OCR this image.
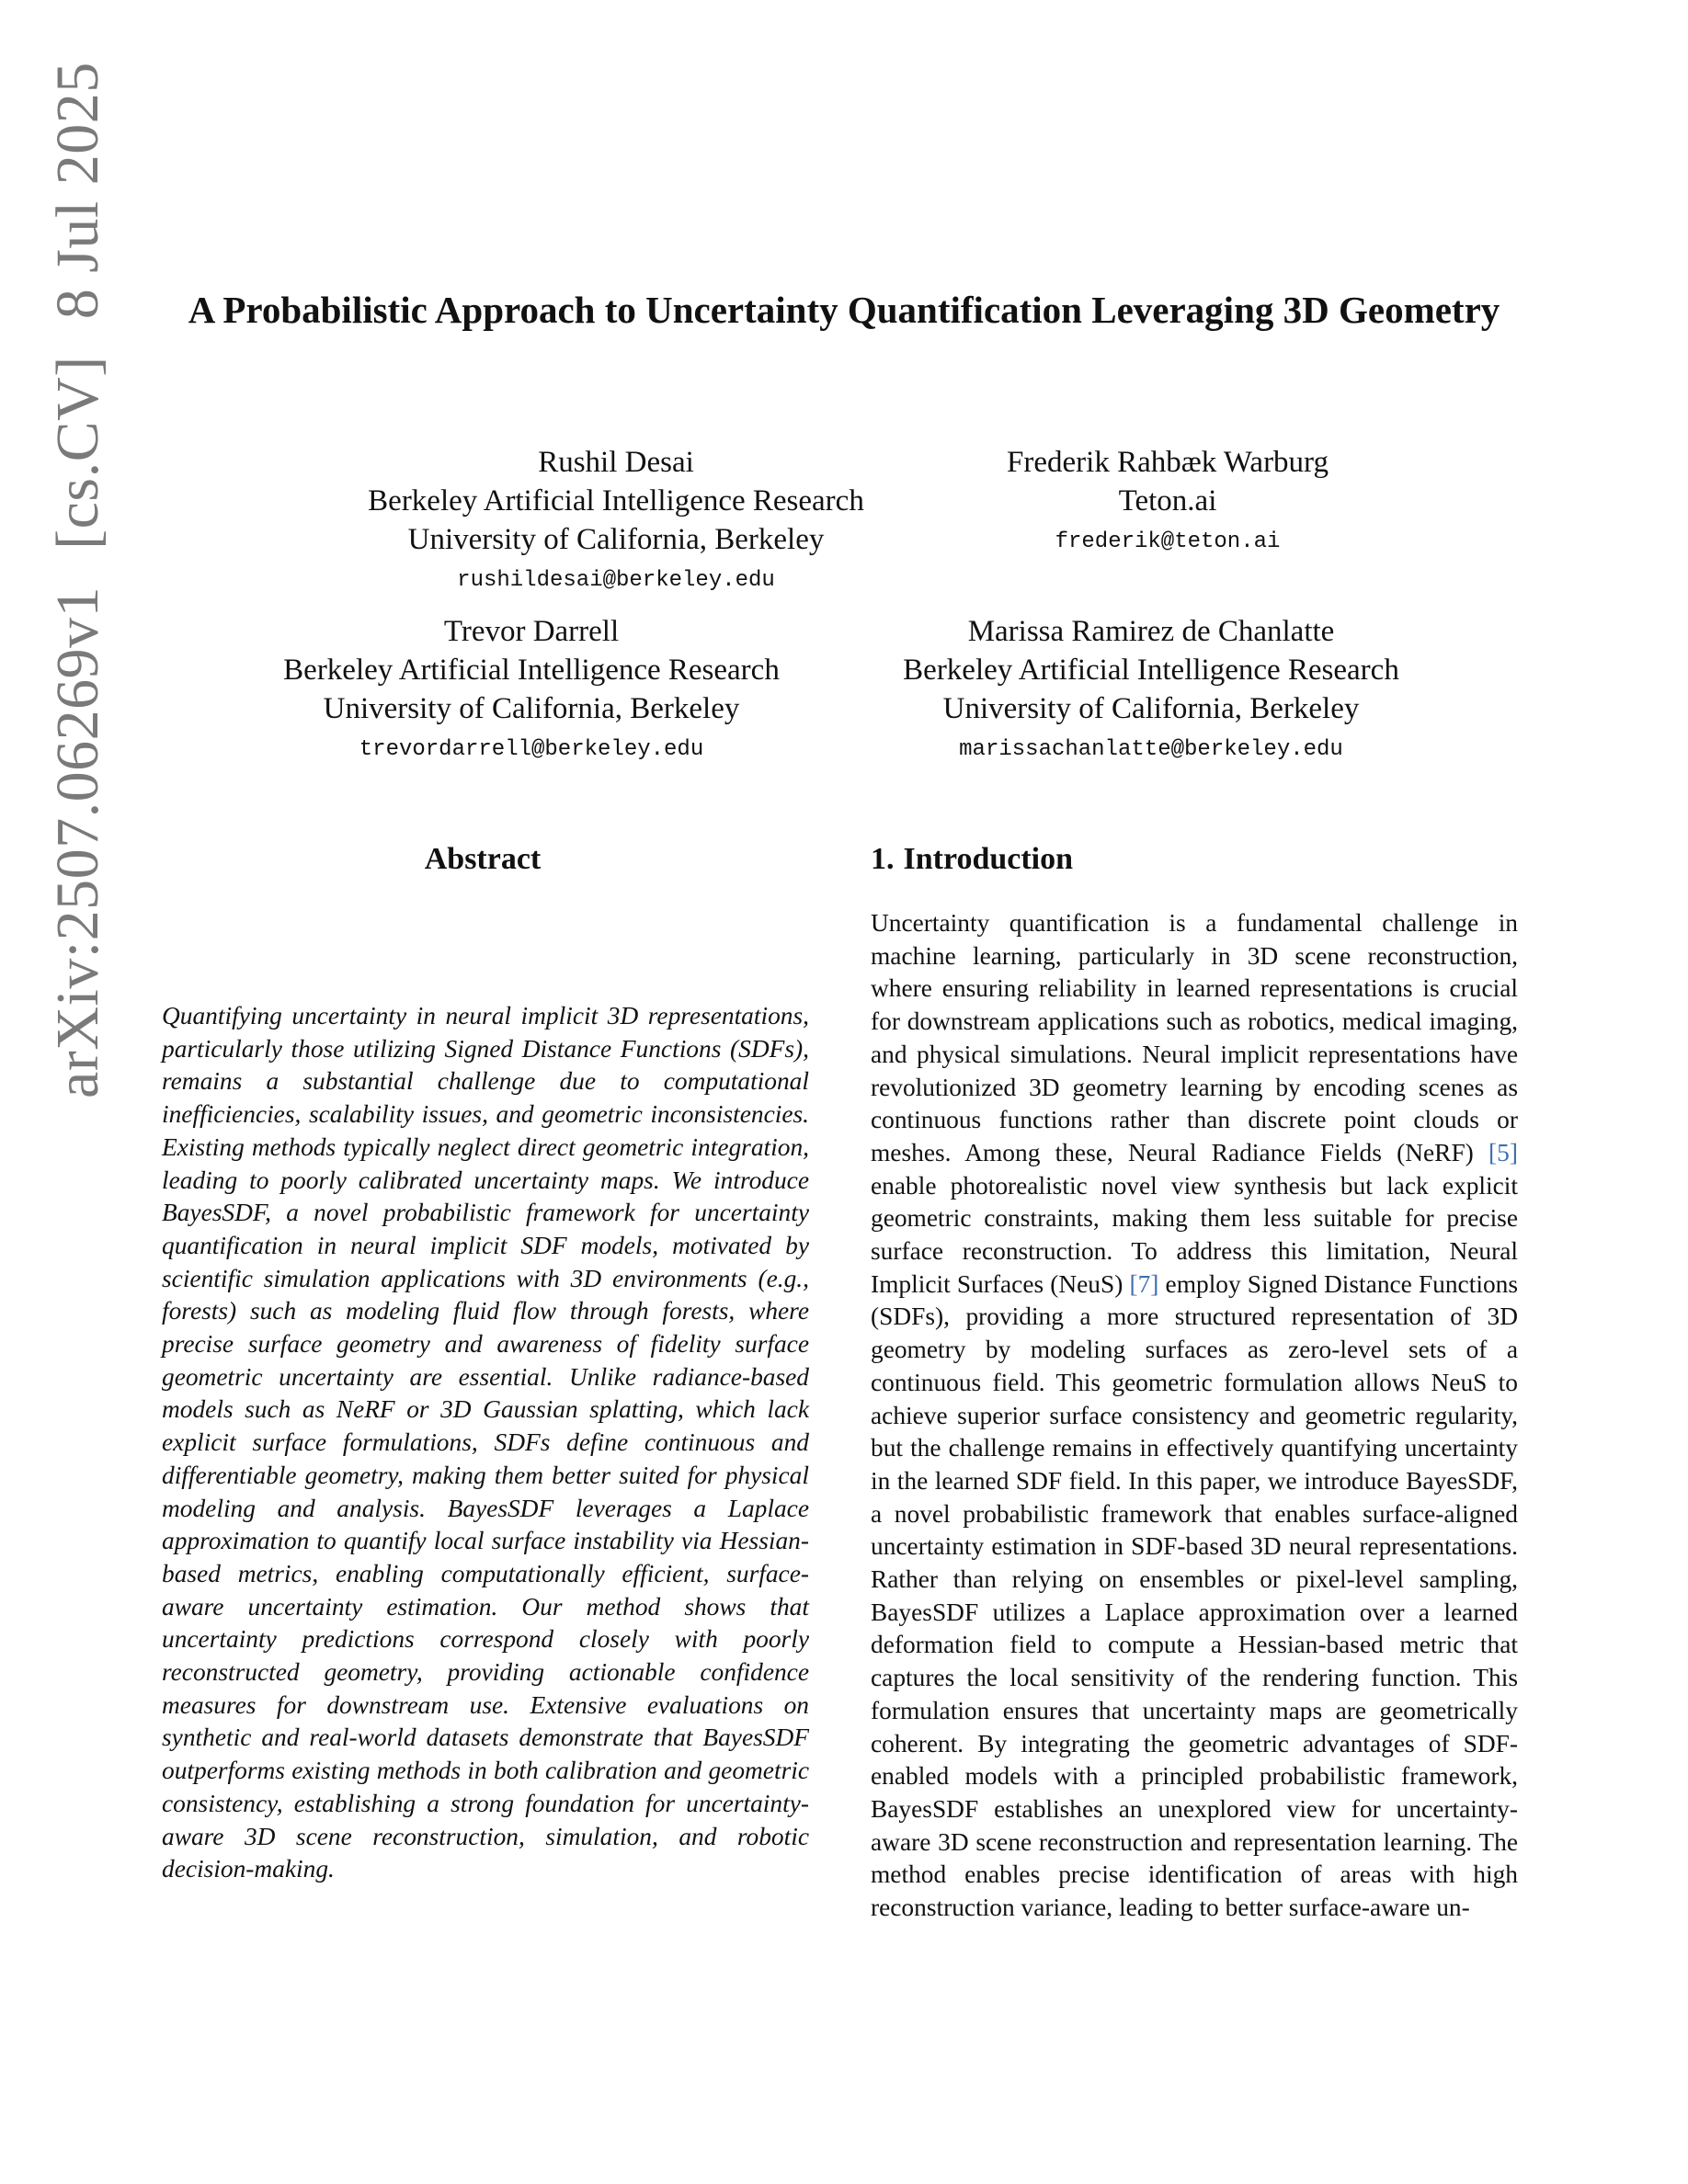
arXiv:2507.06269v1[cs.CV]8 Jul 2025 A Probabilistic Approach to Uncertainty Quantification Leveraging 3D Geometry
Rushil Desai
Berkeley Artificial Intelligence Research
University of California, Berkeley
rushildesai@berkeley.edu
Frederik Rahbæk Warburg
Teton.ai
frederik@teton.ai
Trevor Darrell
Berkeley Artificial Intelligence Research
University of California, Berkeley
trevordarrell@berkeley.edu
Marissa Ramirez de Chanlatte
Berkeley Artificial Intelligence Research
University of California, Berkeley
marissachanlatte@berkeley.edu
Abstract

Quantifying uncertainty in neural implicit 3D representations, particularly those utilizing Signed Distance Functions (SDFs), remains a substantial challenge due to computational inefficiencies, scalability issues, and geometric inconsistencies. Existing methods typically neglect direct geometric integration, leading to poorly calibrated uncertainty maps. We introduce BayesSDF, a novel probabilistic framework for uncertainty quantification in neural implicit SDF models, motivated by scientific simulation applications with 3D environments (e.g., forests) such as modeling fluid flow through forests, where precise surface geometry and awareness of fidelity surface geometric uncertainty are essential. Unlike radiance-based models such as NeRF or 3D Gaussian splatting, which lack explicit surface formulations, SDFs define continuous and differentiable geometry, making them better suited for physical modeling and analysis. BayesSDF leverages a Laplace approximation to quantify local surface instability via Hessian-based metrics, enabling computationally efficient, surface-aware uncertainty estimation. Our method shows that uncertainty predictions correspond closely with poorly reconstructed geometry, providing actionable confidence measures for downstream use. Extensive evaluations on synthetic and real-world datasets demonstrate that BayesSDF outperforms existing methods in both calibration and geometric consistency, establishing a strong foundation for uncertainty-aware 3D scene reconstruction, simulation, and robotic decision-making.

1. Introduction

Uncertainty quantification is a fundamental challenge in machine learning, particularly in 3D scene reconstruction, where ensuring reliability in learned representations is crucial for downstream applications such as robotics, medical imaging, and physical simulations. Neural implicit representations have revolutionized 3D geometry learning by encoding scenes as continuous functions rather than discrete point clouds or meshes. Among these, Neural Radiance Fields (NeRF) [5] enable photorealistic novel view synthesis but lack explicit geometric constraints, making them less suitable for precise surface reconstruction. To address this limitation, Neural Implicit Surfaces (NeuS) [7] employ Signed Distance Functions (SDFs), providing a more structured representation of 3D geometry by modeling surfaces as zero-level sets of a continuous field. This geometric formulation allows NeuS to achieve superior surface consistency and geometric regularity, but the challenge remains in effectively quantifying uncertainty in the learned SDF field. In this paper, we introduce BayesSDF, a novel probabilistic framework that enables surface-aligned uncertainty estimation in SDF-based 3D neural representations. Rather than relying on ensembles or pixel-level sampling, BayesSDF utilizes a Laplace approximation over a learned deformation field to compute a Hessian-based metric that captures the local sensitivity of the rendering function. This formulation ensures that uncertainty maps are geometrically coherent. By integrating the geometric advantages of SDF-enabled models with a principled probabilistic framework, BayesSDF establishes an unexplored view for uncertainty-aware 3D scene reconstruction and representation learning. The method enables precise identification of areas with high reconstruction variance, leading to better surface-aware un-
